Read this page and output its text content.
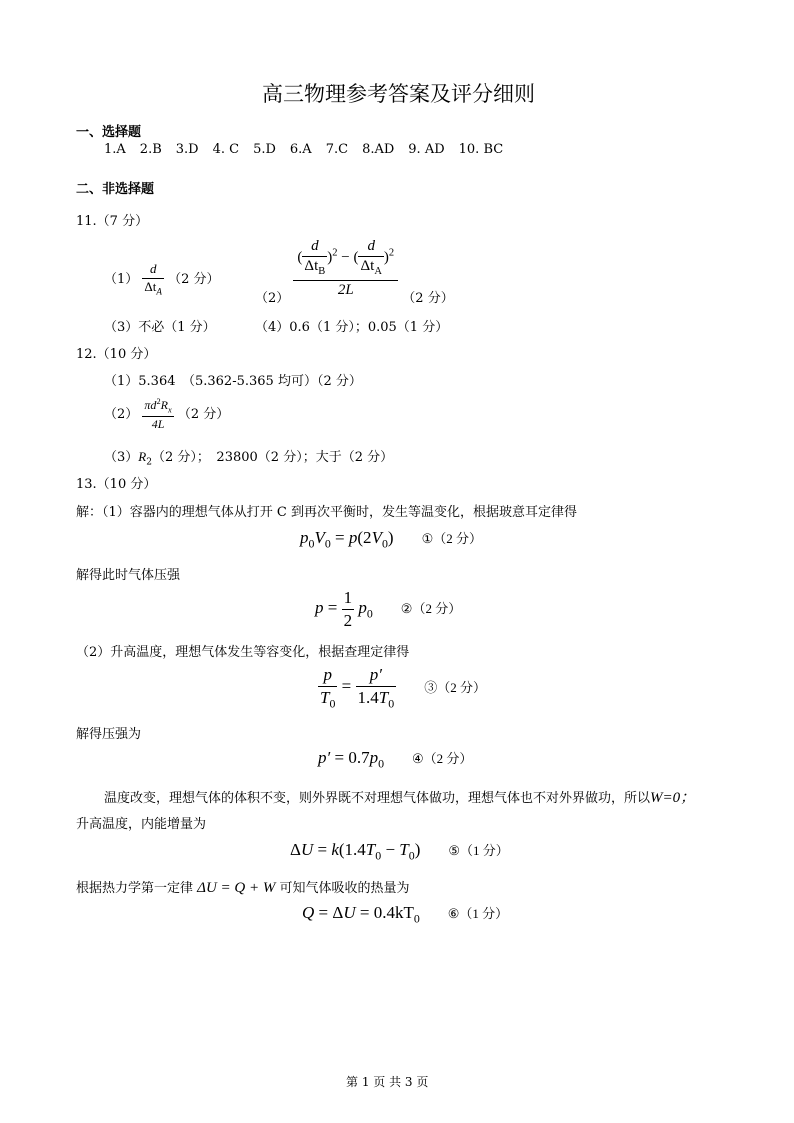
高三物理参考答案及评分细则
一、选择题
1.A 2.B 3.D 4. C 5.D 6.A 7.C 8.AD 9. AD 10. BC
二、非选择题
11.（7 分）
$(1) \frac{d}{\Delta t_A} (2$ 分）
$(2) \frac{( \frac{d}{\Delta t_B} )^2 - ( \frac{d}{\Delta t_A} )^2}{2L} (2$ 分）
（3）不必（1 分）	（4）0.6（1 分）；0.05（1 分）
12.（10 分）
（1）5.364　（5.362-5.365 均可）（2 分）
$(2) \frac{\pi d^2R_x}{4L} (2$ 分）
$(3)R_2(2$ 分）；　23800（2 分）；大于（2 分）
13.（10 分）
解：（1）容器内的理想气体从打开 C 到再次平衡时，发生等温变化，根据玻意耳定律得
$p_0V_0 = p(2V_0)$ ①（2 分）
解得此时气体压强
$p = \frac{1}{2} p_0$ ②（2 分）
（2）升高温度，理想气体发生等容变化，根据查理定律得
$\frac{p}{T_0} = \frac{p'}{1.4T_0}$ ③（2 分）
解得压强为
$p' = 0.7p_0$ ④（2 分）
温度改变，理想气体的体积不变，则外界既不对理想气体做功，理想气体也不对外界做功，所以W=0；
升高温度，内能增量为
$\Delta U = k(1.4T_0 - T_0)$ ⑤（1 分）
根据热力学第一定律 ΔU = Q + W 可知气体吸收的热量为
$Q = \Delta U = 0.4kT_0$ ⑥（1 分）
第 1 页 共 3 页
